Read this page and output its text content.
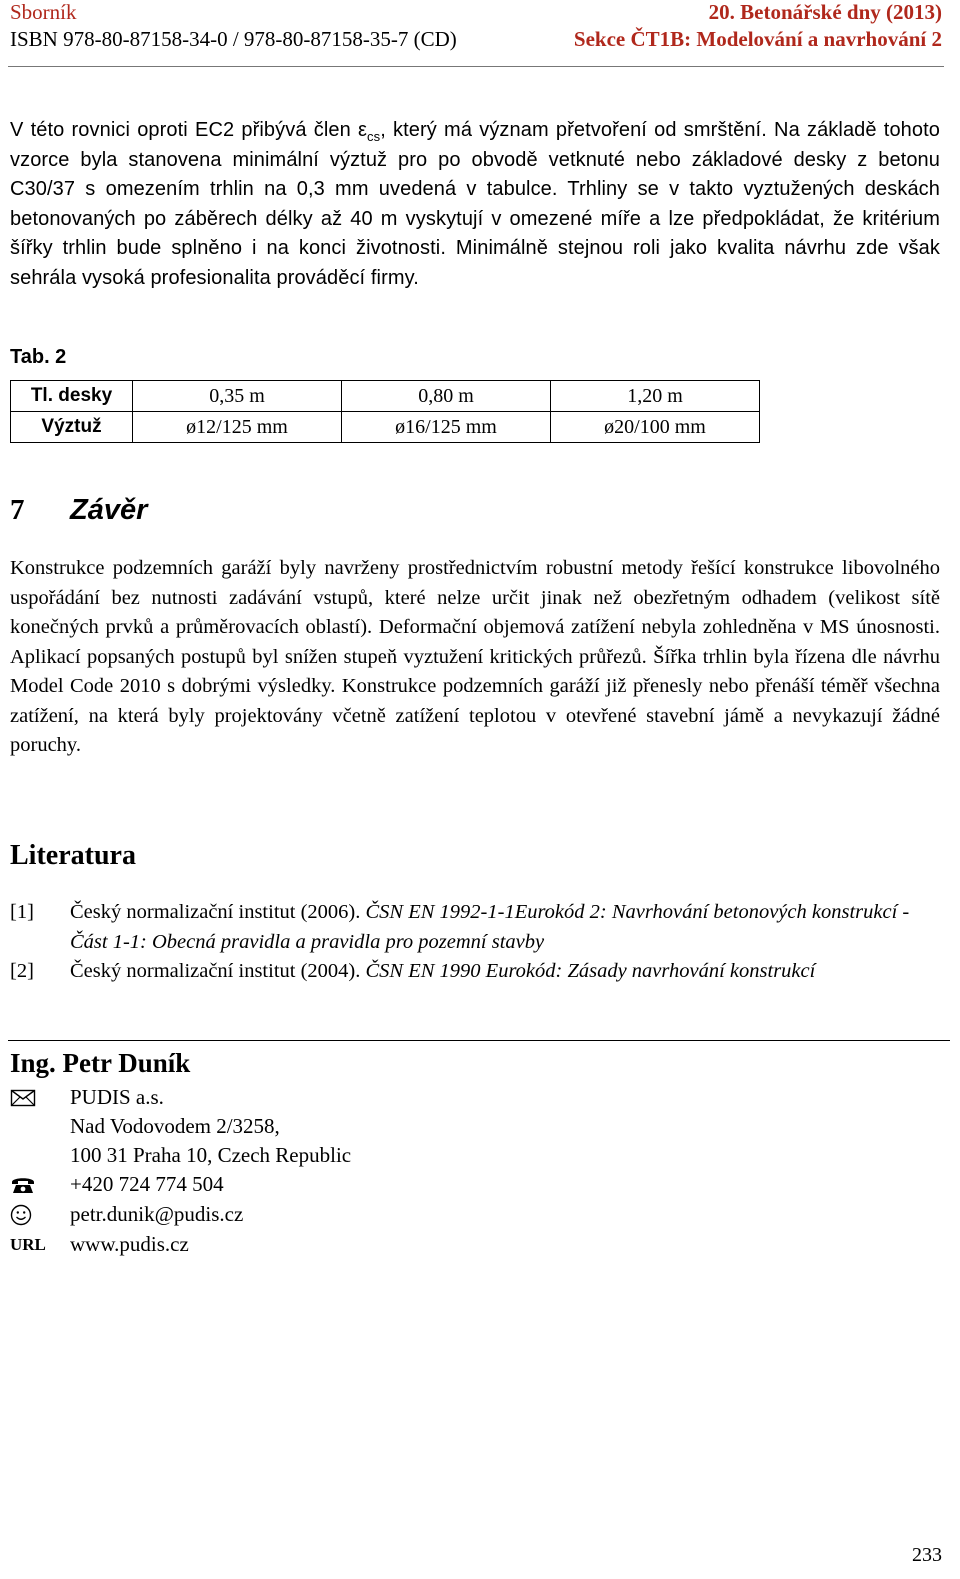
Sborník	20. Betonářské dny (2013)
ISBN 978-80-87158-34-0 / 978-80-87158-35-7 (CD)	Sekce ČT1B: Modelování a navrhování 2
V této rovnici oproti EC2 přibývá člen $\varepsilon_{cs}$, který má význam přetvoření od smrštění. Na základě tohoto vzorce byla stanovena minimální výztuž pro po obvodě vetknuté nebo základové desky z betonu C30/37 s omezením trhlin na 0,3 mm uvedená v tabulce. Trhliny se v takto vyztužených deskách betonovaných po záběrech délky až 40 m vyskytují v omezené míře a lze předpokládat, že kritérium šířky trhlin bude splněno i na konci životnosti. Minimálně stejnou roli jako kvalita návrhu zde však sehrála vysoká profesionalita prováděcí firmy.
Tab. 2
Tl. desky	0,35 m	0,80 m	1,20 m
Výztuž	ø12/125 mm	ø16/125 mm	ø20/100 mm
7 Závěr
Konstrukce podzemních garáží byly navrženy prostřednictvím robustní metody řešící konstrukce libovolného uspořádání bez nutnosti zadávání vstupů, které nelze určit jinak než obezřetným odhadem (velikost sítě konečných prvků a průměrovacích oblastí). Deformační objemová zatížení nebyla zohledněna v MS únosnosti. Aplikací popsaných postupů byl snížen stupeň vyztužení kritických průřezů. Šířka trhlin byla řízena dle návrhu Model Code 2010 s dobrými výsledky. Konstrukce podzemních garáží již přenesly nebo přenáší téměř všechna zatížení, na která byly projektovány včetně zatížení teplotou v otevřené stavební jámě a nevykazují žádné poruchy.
Literatura
[1] Český normalizační institut (2006). ČSN EN 1992-1-1Eurokód 2: Navrhování betonových konstrukcí - Část 1-1: Obecná pravidla a pravidla pro pozemní stavby
[2] Český normalizační institut (2004). ČSN EN 1990 Eurokód: Zásady navrhování konstrukcí
Ing. Petr Duník
PUDIS a.s.
Nad Vodovodem 2/3258,
100 31 Praha 10, Czech Republic
+420 724 774 504
petr.dunik@pudis.cz
URL www.pudis.cz
233
